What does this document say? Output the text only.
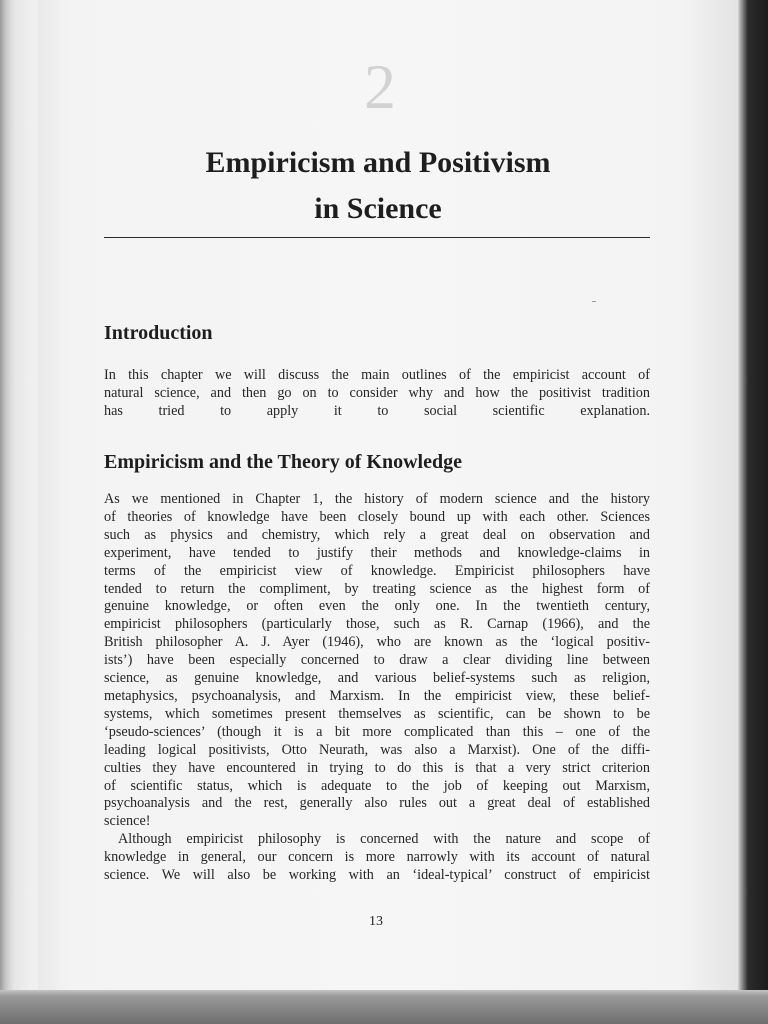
2
Empiricism and Positivism
in Science
Introduction

In this chapter we will discuss the main outlines of the empiricist account of
natural science, and then go on to consider why and how the positivist tradition
has tried to apply it to social scientific explanation.

Empiricism and the Theory of Knowledge

As we mentioned in Chapter 1, the history of modern science and the history
of theories of knowledge have been closely bound up with each other. Sciences
such as physics and chemistry, which rely a great deal on observation and
experiment, have tended to justify their methods and knowledge-claims in
terms of the empiricist view of knowledge. Empiricist philosophers have
tended to return the compliment, by treating science as the highest form of
genuine knowledge, or often even the only one. In the twentieth century,
empiricist philosophers (particularly those, such as R. Carnap (1966), and the
British philosopher A. J. Ayer (1946), who are known as the ‘logical positiv-
ists’) have been especially concerned to draw a clear dividing line between
science, as genuine knowledge, and various belief-systems such as religion,
metaphysics, psychoanalysis, and Marxism. In the empiricist view, these belief-
systems, which sometimes present themselves as scientific, can be shown to be
‘pseudo-sciences’ (though it is a bit more complicated than this – one of the
leading logical positivists, Otto Neurath, was also a Marxist). One of the diffi-
culties they have encountered in trying to do this is that a very strict criterion
of scientific status, which is adequate to the job of keeping out Marxism,
psychoanalysis and the rest, generally also rules out a great deal of established
science!
Although empiricist philosophy is concerned with the nature and scope of
knowledge in general, our concern is more narrowly with its account of natural
science. We will also be working with an ‘ideal-typical’ construct of empiricist

13
